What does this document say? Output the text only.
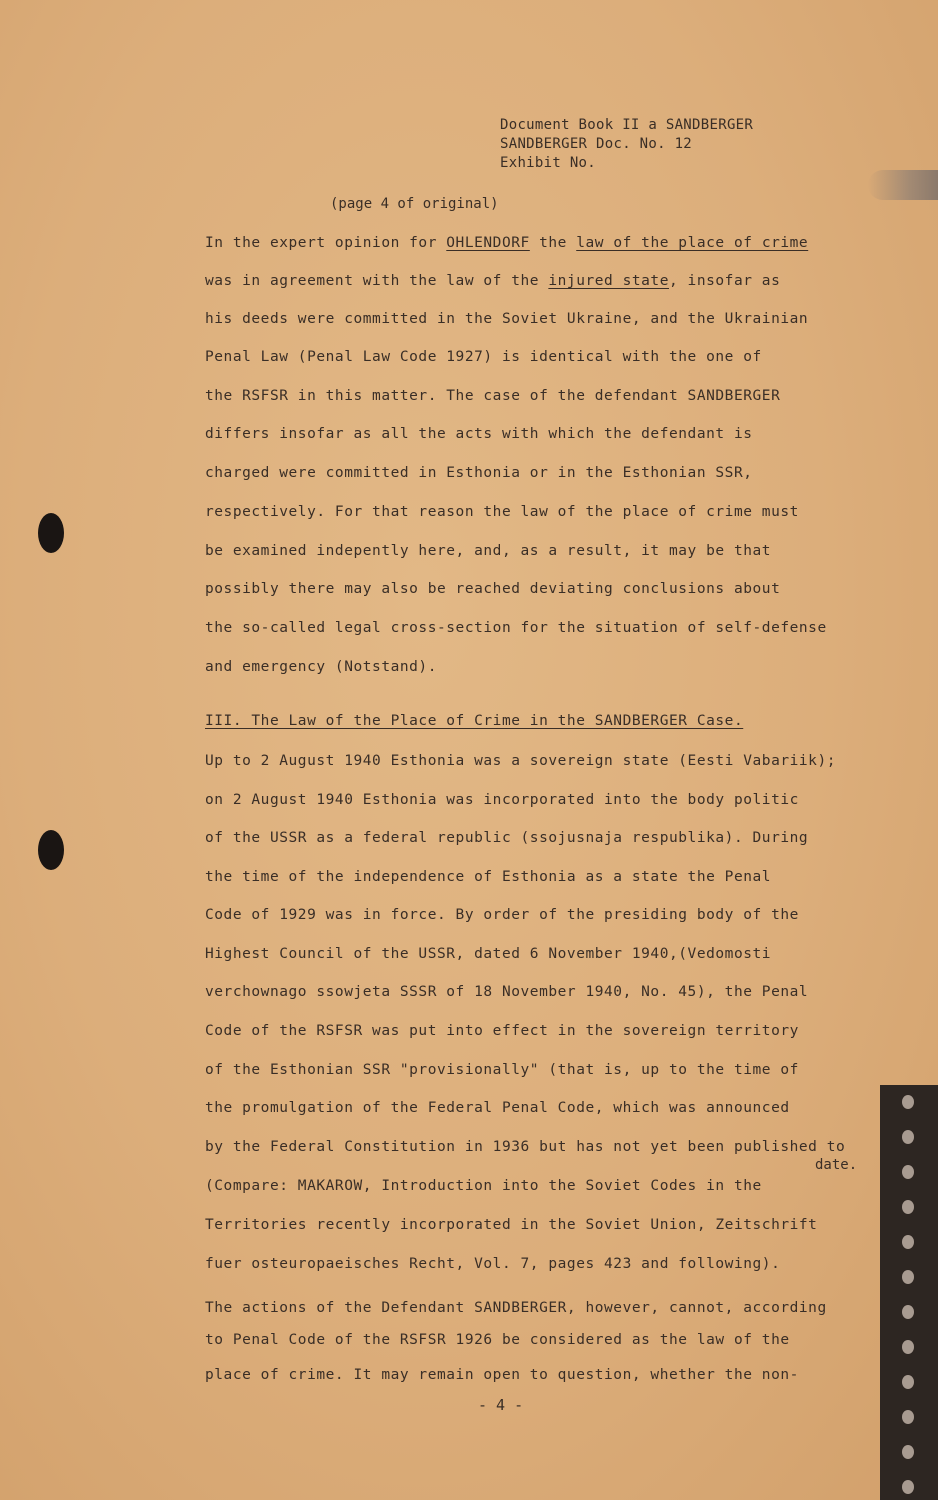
Document Book II a SANDBERGER
SANDBERGER Doc. No. 12
Exhibit No.
(page 4 of original)
In the expert opinion for OHLENDORF the law of the place of crime
was in agreement with the law of the injured state, insofar as
his deeds were committed in the Soviet Ukraine, and the Ukrainian
Penal Law (Penal Law Code 1927) is identical with the one of
the RSFSR in this matter. The case of the defendant SANDBERGER
differs insofar as all the acts with which the defendant is
charged were committed in Esthonia or in the Esthonian SSR,
respectively. For that reason the law of the place of crime must
be examined indepently here, and, as a result, it may be that
possibly there may also be reached deviating conclusions about
the so-called legal cross-section for the situation of self-defense
and emergency (Notstand).
III. The Law of the Place of Crime in the SANDBERGER Case.
Up to 2 August 1940 Esthonia was a sovereign state (Eesti Vabariik);
on 2 August 1940 Esthonia was incorporated into the body politic
of the USSR as a federal republic (ssojusnaja respublika). During
the time of the independence of Esthonia as a state the Penal
Code of 1929 was in force. By order of the presiding body of the
Highest Council of the USSR, dated 6 November 1940,(Vedomosti
verchownago ssowjeta SSSR of 18 November 1940, No. 45), the Penal
Code of the RSFSR was put into effect in the sovereign territory
of the Esthonian SSR "provisionally" (that is, up to the time of
the promulgation of the Federal Penal Code, which was announced
by the Federal Constitution in 1936 but has not yet been published to
date.
(Compare: MAKAROW, Introduction into the Soviet Codes in the
Territories recently incorporated in the Soviet Union, Zeitschrift
fuer osteuropaeisches Recht, Vol. 7, pages 423 and following).
The actions of the Defendant SANDBERGER, however, cannot, according
to Penal Code of the RSFSR 1926 be considered as the law of the
place of crime. It may remain open to question, whether the non-
- 4 -
